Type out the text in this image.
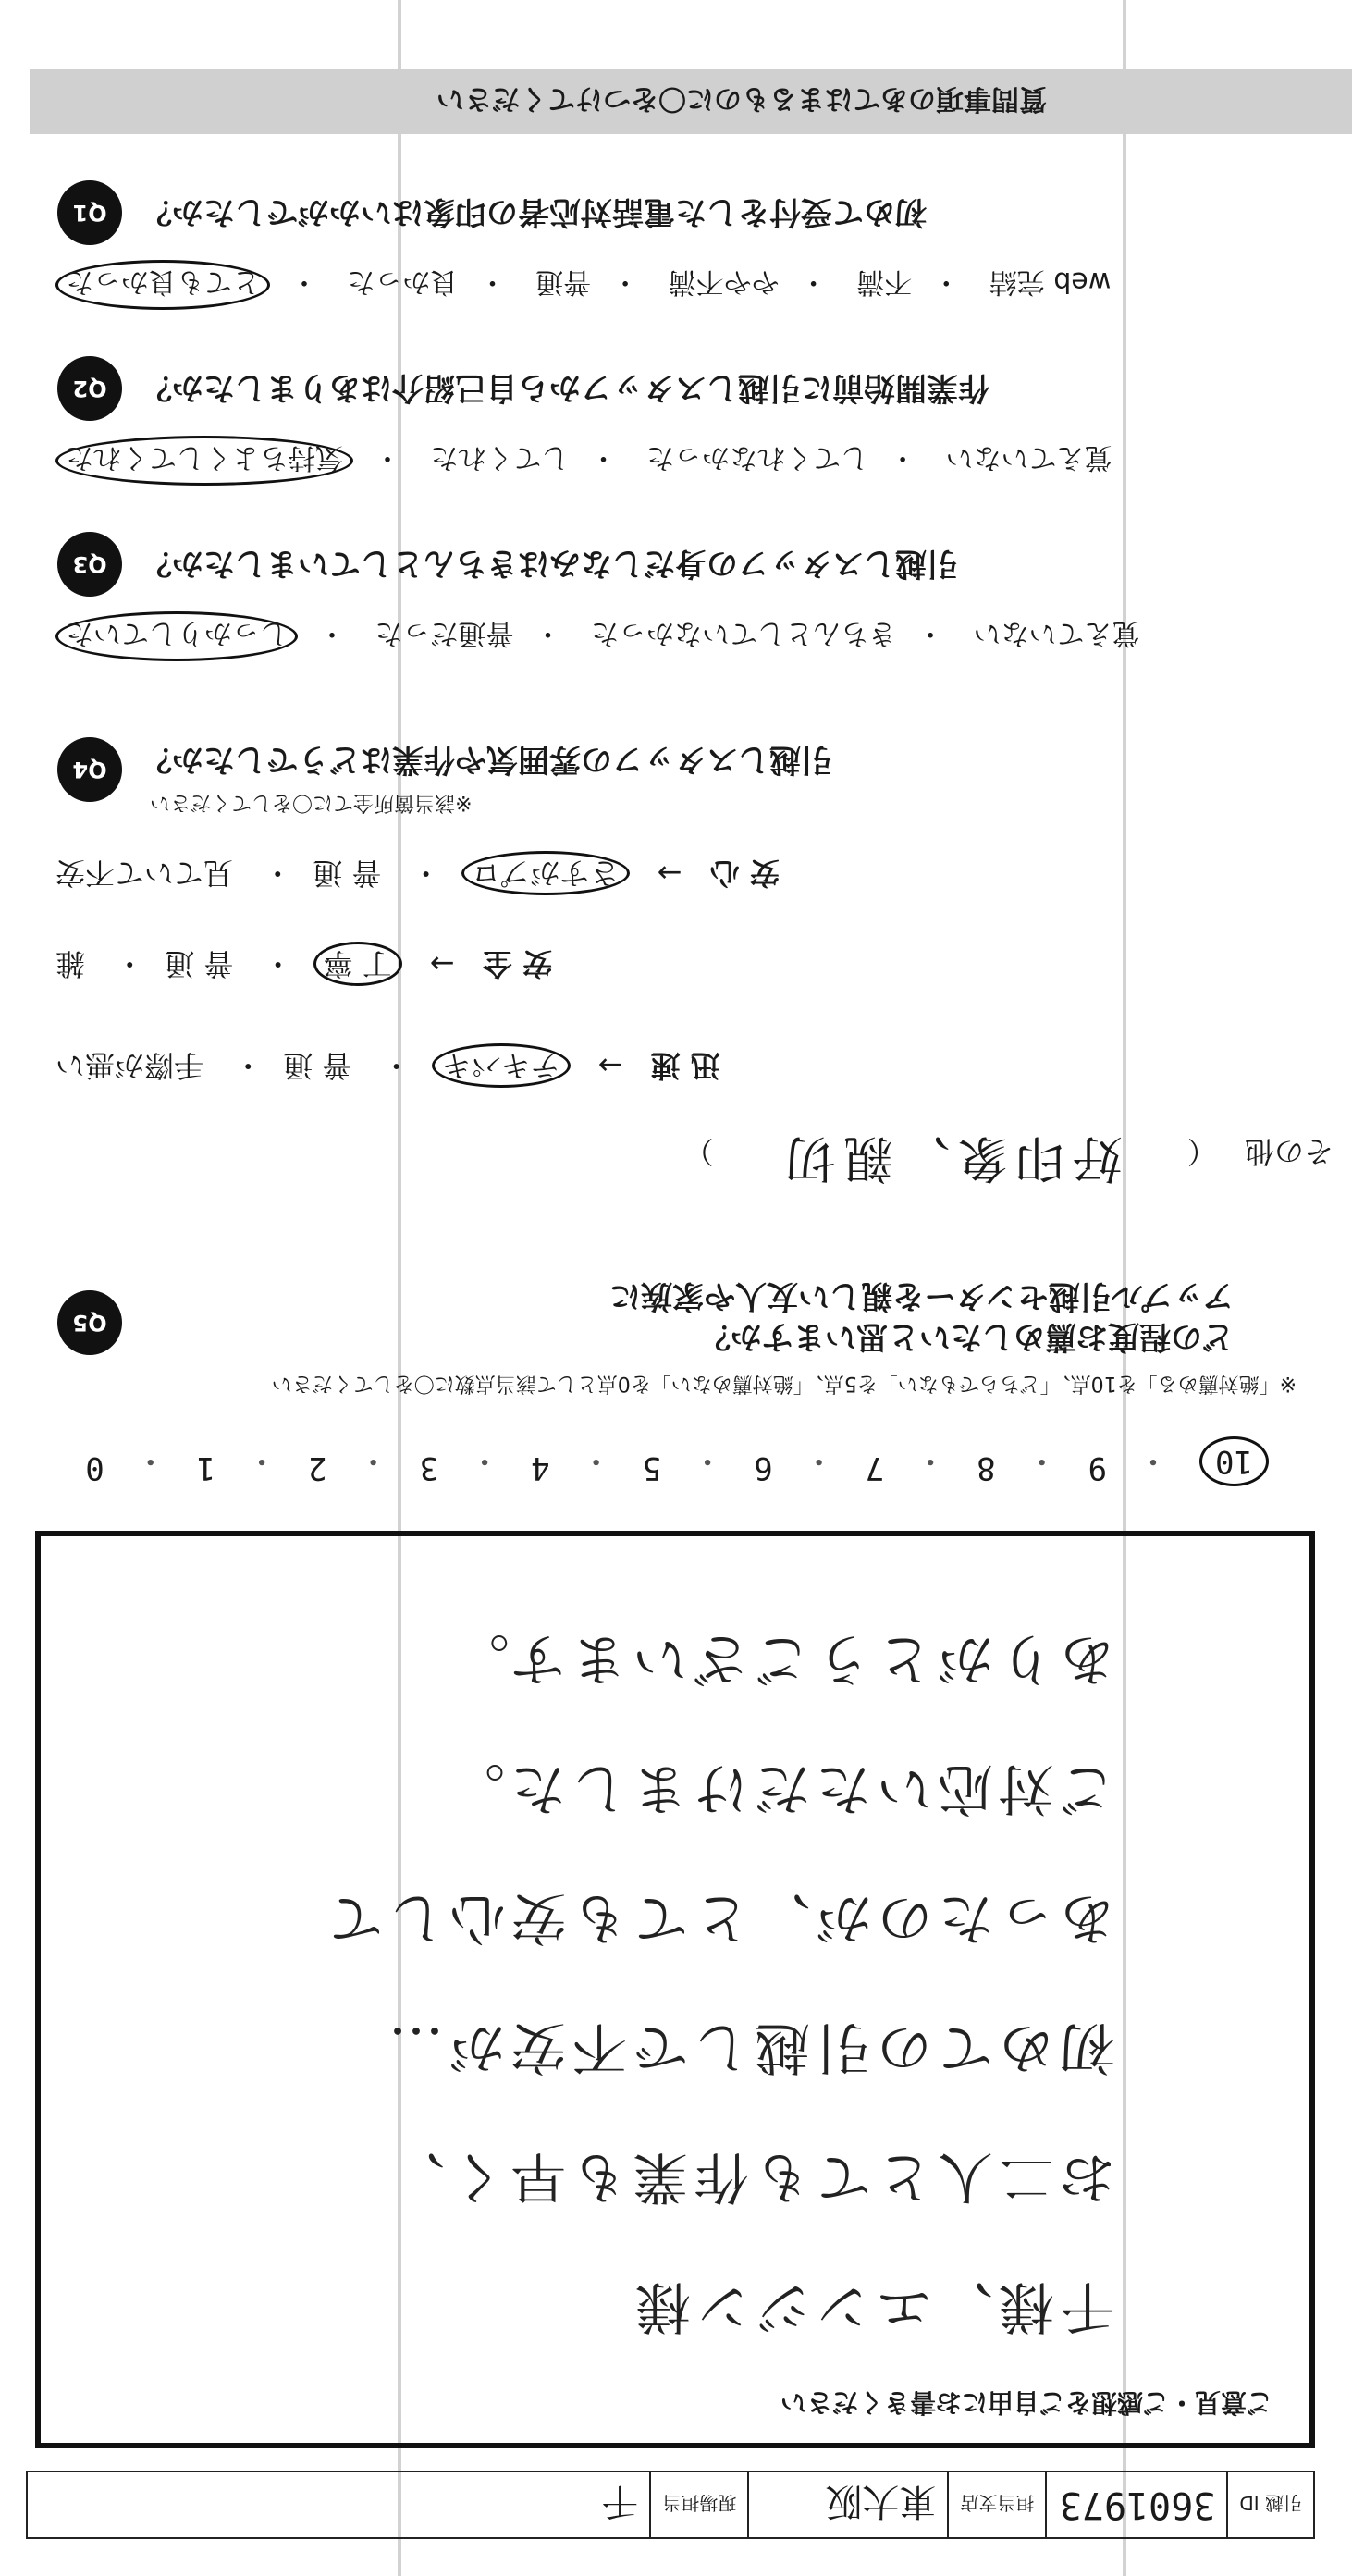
引越 ID
3601973
担当支店
東大阪
現場担当
千
ご意見・ご感想をご自由にお書きください
千様、エンジン様
お二人とても作業も早く、
初めての引越しで不安が…
あったのが、とても安心して
ご対応いただけました。
ありがとうございます。
10
・
9
・
8
・
7
・
6
・
5
・
4
・
3
・
2
・
1
・
0
※「絶対薦める」を10点、「どちらでもない」を5点、「絶対薦めない」を0点として該当点数に〇をしてください
どの程度お薦めしたいと思いますか？
アップル引越センターを親しい友人や家族に
Q5
その他 （ 好印象、親切 ）
迅 速 → テキパキ・ 普 通・ 手際が悪い
安 全 → 丁 寧・ 普 通・ 雑
安 心 → さすがプロ・ 普 通・ 見ていて不安
※該当箇所全てに〇をしてください
引越しスタッフの雰囲気や作業はどうでしたか？
Q4
しっかりしていた ・ 普通だった ・ きちんとしていなかった ・ 覚えていない
引越しスタッフの身だしなみはきちんとしていましたか？
Q3
気持ちよくしてくれた ・ してくれた ・ してくれなかった ・ 覚えていない
作業開始前に引越しスタッフから自己紹介はありましたか？
Q2
とても良かった ・ 良かった ・ 普通 ・ やや不満 ・ 不満 ・ web 完結
初めて受付をした電話対応者の印象はいかがでしたか？
Q1
質問事項のあてはまるものに〇をつけてください
